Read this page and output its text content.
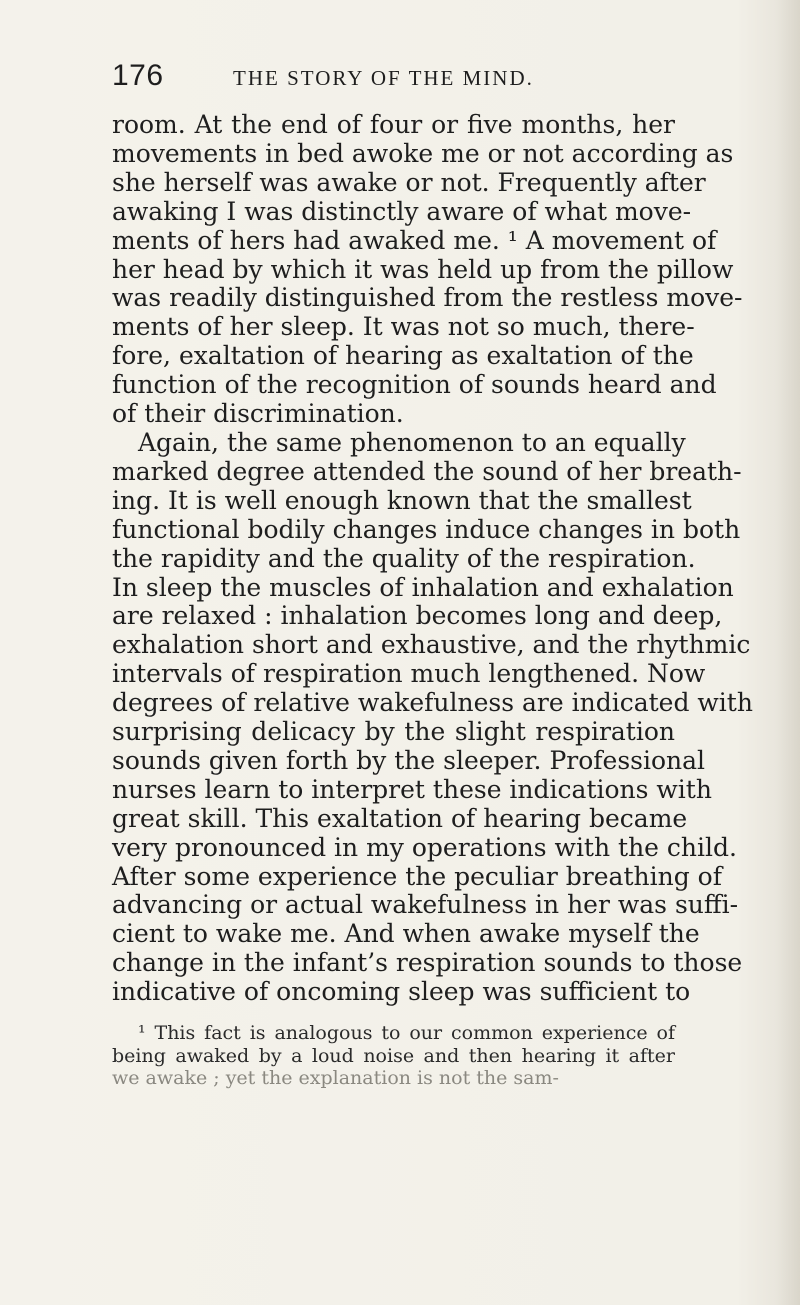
176	THE STORY OF THE MIND.
room. At the end of four or five months, her
movements in bed awoke me or not according as
she herself was awake or not. Frequently after
awaking I was distinctly aware of what move-
ments of hers had awaked me. ¹ A movement of
her head by which it was held up from the pillow
was readily distinguished from the restless move-
ments of her sleep. It was not so much, there-
fore, exaltation of hearing as exaltation of the
function of the recognition of sounds heard and
of their discrimination.
Again, the same phenomenon to an equally
marked degree attended the sound of her breath-
ing. It is well enough known that the smallest
functional bodily changes induce changes in both
the rapidity and the quality of the respiration.
In sleep the muscles of inhalation and exhalation
are relaxed : inhalation becomes long and deep,
exhalation short and exhaustive, and the rhythmic
intervals of respiration much lengthened. Now
degrees of relative wakefulness are indicated with
surprising delicacy by the slight respiration
sounds given forth by the sleeper. Professional
nurses learn to interpret these indications with
great skill. This exaltation of hearing became
very pronounced in my operations with the child.
After some experience the peculiar breathing of
advancing or actual wakefulness in her was suffi-
cient to wake me. And when awake myself the
change in the infant’s respiration sounds to those
indicative of oncoming sleep was sufficient to
¹ This fact is analogous to our common experience of
being awaked by a loud noise and then hearing it after
we awake ; yet the explanation is not the sam-
